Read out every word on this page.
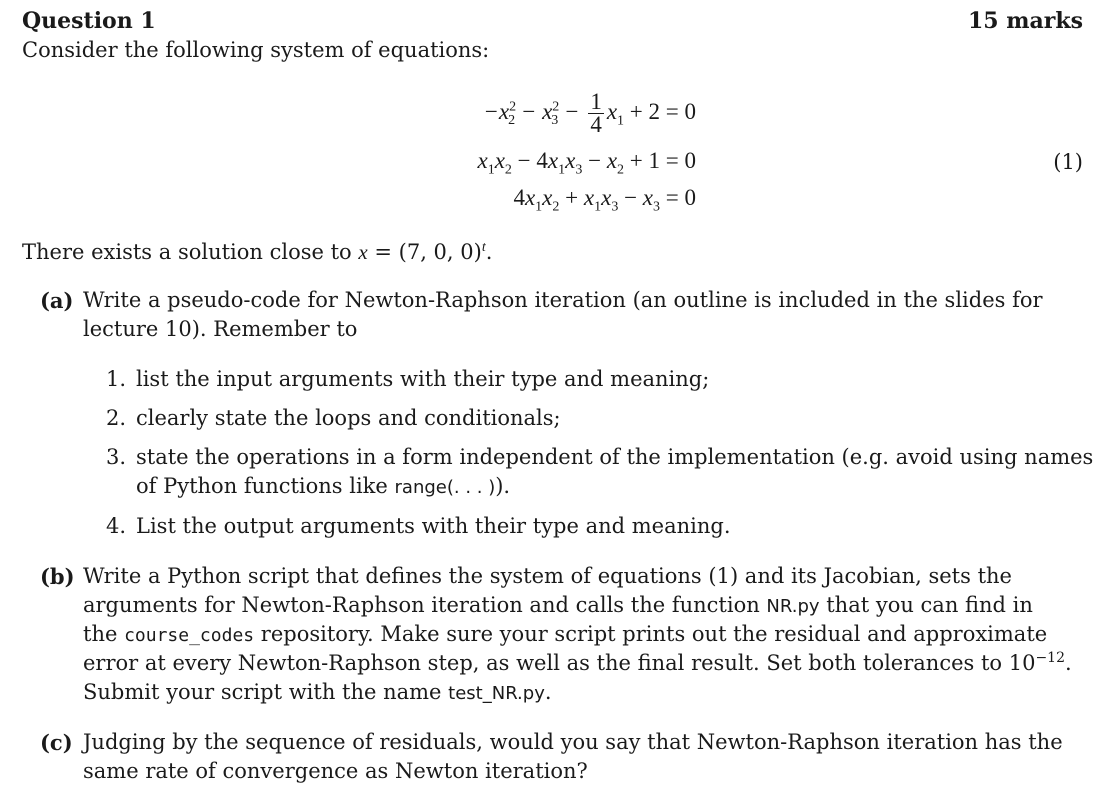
Question 1	15 marks
Consider the following system of equations:
$-x^2_2 - x^2_3 - \frac{1}{4} x_1 + 2 = 0$
$x_1x_2 - 4x_1x_3 - x_2 + 1 = 0$
$4x_1x_2 + x_1x_3 - x_3 = 0$
(1)
There exists a solution close to x = (7, 0, 0)$^t$.
(a) Write a pseudo-code for Newton-Raphson iteration (an outline is included in the slides for
lecture 10). Remember to
1. list the input arguments with their type and meaning;
2. clearly state the loops and conditionals;
3. state the operations in a form independent of the implementation (e.g. avoid using names
of Python functions like range(. . . )).
4. List the output arguments with their type and meaning.
(b) Write a Python script that defines the system of equations (1) and its Jacobian, sets the
arguments for Newton-Raphson iteration and calls the function NR.py that you can find in
the course_codes repository. Make sure your script prints out the residual and approximate
error at every Newton-Raphson step, as well as the final result. Set both tolerances to $10^{-12}$.
Submit your script with the name test_NR.py.
(c) Judging by the sequence of residuals, would you say that Newton-Raphson iteration has the
same rate of convergence as Newton iteration?
